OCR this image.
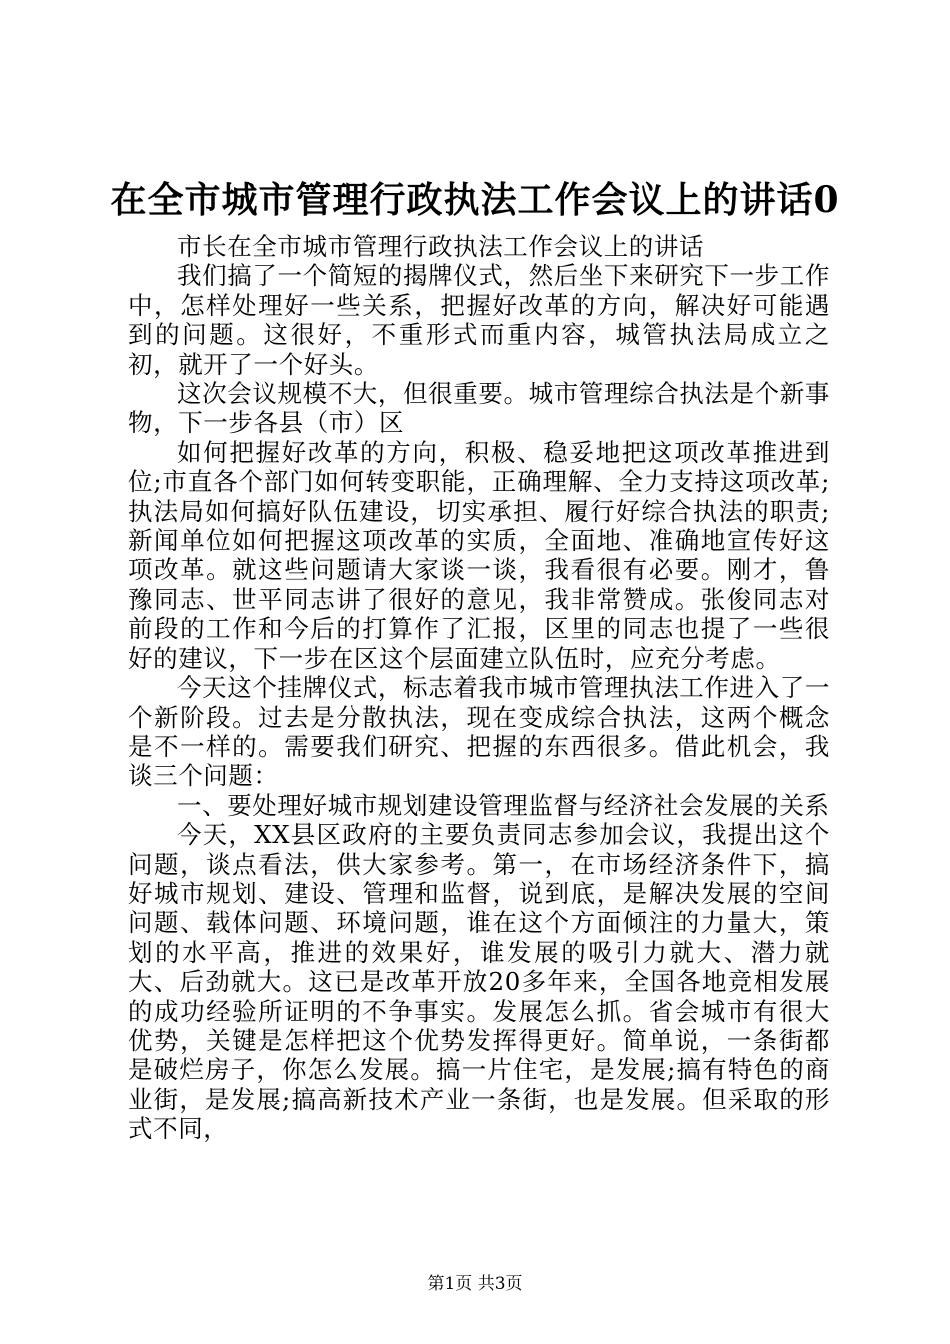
在全市城市管理行政执法工作会议上的讲话0

市长在全市城市管理行政执法工作会议上的讲话

我们搞了一个简短的揭牌仪式，然后坐下来研究下一步工作中，怎样处理好一些关系，把握好改革的方向，解决好可能遇到的问题。这很好，不重形式而重内容，城管执法局成立之初，就开了一个好头。

这次会议规模不大，但很重要。城市管理综合执法是个新事物，下一步各县（市）区

如何把握好改革的方向，积极、稳妥地把这项改革推进到位;市直各个部门如何转变职能，正确理解、全力支持这项改革;执法局如何搞好队伍建设，切实承担、履行好综合执法的职责;新闻单位如何把握这项改革的实质，全面地、准确地宣传好这项改革。就这些问题请大家谈一谈，我看很有必要。刚才，鲁豫同志、世平同志讲了很好的意见，我非常赞成。张俊同志对前段的工作和今后的打算作了汇报，区里的同志也提了一些很好的建议，下一步在区这个层面建立队伍时，应充分考虑。

今天这个挂牌仪式，标志着我市城市管理执法工作进入了一个新阶段。过去是分散执法，现在变成综合执法，这两个概念是不一样的。需要我们研究、把握的东西很多。借此机会，我谈三个问题：

一、要处理好城市规划建设管理监督与经济社会发展的关系

今天，XX县区政府的主要负责同志参加会议，我提出这个问题，谈点看法，供大家参考。第一，在市场经济条件下，搞好城市规划、建设、管理和监督，说到底，是解决发展的空间问题、载体问题、环境问题，谁在这个方面倾注的力量大，策划的水平高，推进的效果好，谁发展的吸引力就大、潜力就大、后劲就大。这已是改革开放20多年来，全国各地竞相发展的成功经验所证明的不争事实。发展怎么抓。省会城市有很大优势，关键是怎样把这个优势发挥得更好。简单说，一条街都是破烂房子，你怎么发展。搞一片住宅，是发展;搞有特色的商业街，是发展;搞高新技术产业一条街，也是发展。但采取的形式不同，

第1页 共3页
